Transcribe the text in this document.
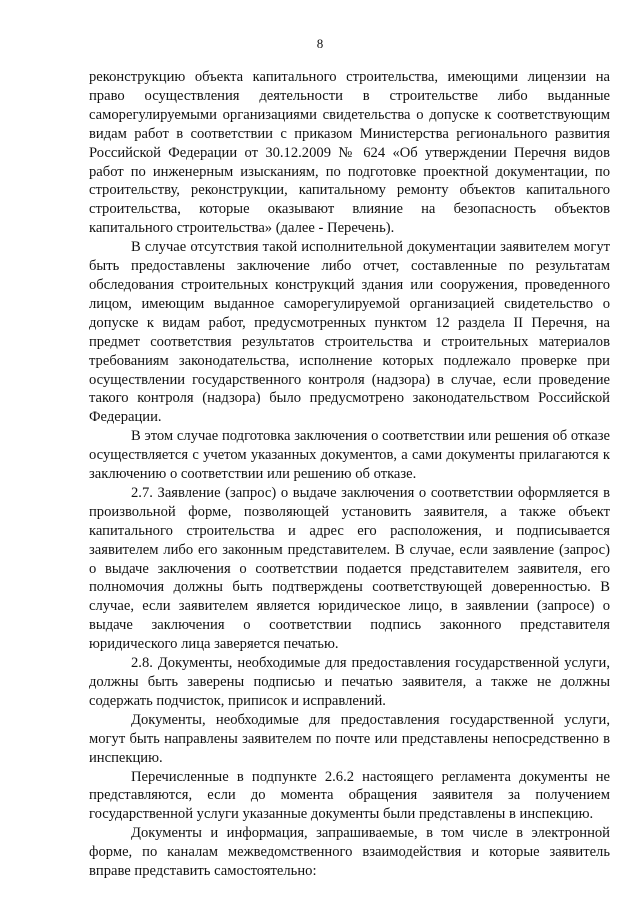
8

реконструкцию объекта капитального строительства, имеющими лицензии на право осуществления деятельности в строительстве либо выданные саморегулируемыми организациями свидетельства о допуске к соответствующим видам работ в соответствии с приказом Министерства регионального развития Российской Федерации от 30.12.2009 № 624 «Об утверждении Перечня видов работ по инженерным изысканиям, по подготовке проектной документации, по строительству, реконструкции, капитальному ремонту объектов капитального строительства, которые оказывают влияние на безопасность объектов капитального строительства» (далее - Перечень).

В случае отсутствия такой исполнительной документации заявителем могут быть предоставлены заключение либо отчет, составленные по результатам обследования строительных конструкций здания или сооружения, проведенного лицом, имеющим выданное саморегулируемой организацией свидетельство о допуске к видам работ, предусмотренных пунктом 12 раздела II Перечня, на предмет соответствия результатов строительства и строительных материалов требованиям законодательства, исполнение которых подлежало проверке при осуществлении государственного контроля (надзора) в случае, если проведение такого контроля (надзора) было предусмотрено законодательством Российской Федерации.

В этом случае подготовка заключения о соответствии или решения об отказе осуществляется с учетом указанных документов, а сами документы прилагаются к заключению о соответствии или решению об отказе.

2.7. Заявление (запрос) о выдаче заключения о соответствии оформляется в произвольной форме, позволяющей установить заявителя, а также объект капитального строительства и адрес его расположения, и подписывается заявителем либо его законным представителем. В случае, если заявление (запрос) о выдаче заключения о соответствии подается представителем заявителя, его полномочия должны быть подтверждены соответствующей доверенностью. В случае, если заявителем является юридическое лицо, в заявлении (запросе) о выдаче заключения о соответствии подпись законного представителя юридического лица заверяется печатью.

2.8. Документы, необходимые для предоставления государственной услуги, должны быть заверены подписью и печатью заявителя, а также не должны содержать подчисток, приписок и исправлений.

Документы, необходимые для предоставления государственной услуги, могут быть направлены заявителем по почте или представлены непосредственно в инспекцию.

Перечисленные в подпункте 2.6.2 настоящего регламента документы не представляются, если до момента обращения заявителя за получением государственной услуги указанные документы были представлены в инспекцию.

Документы и информация, запрашиваемые, в том числе в электронной форме, по каналам межведомственного взаимодействия и которые заявитель вправе представить самостоятельно:
